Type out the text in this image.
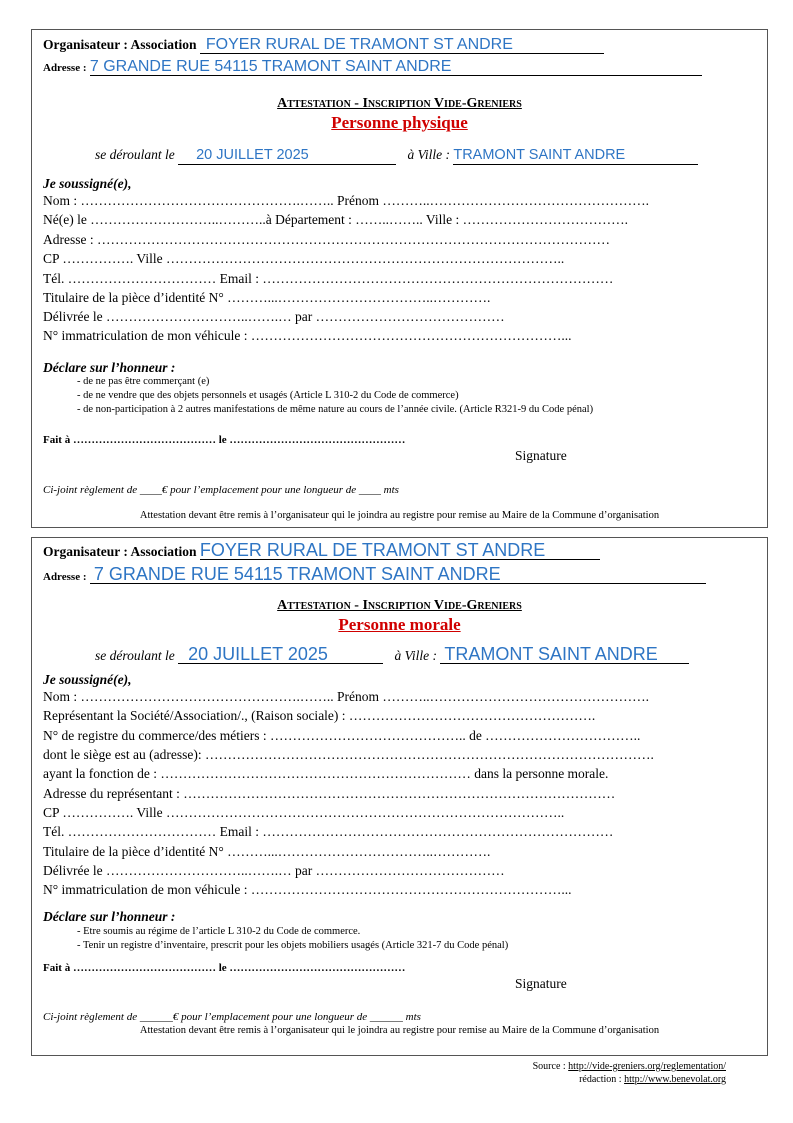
Organisateur : Association FOYER RURAL DE TRAMONT ST ANDRE
Adresse : 7 GRANDE RUE 54115 TRAMONT SAINT ANDRE
Attestation - Inscription Vide-Greniers
Personne physique
se déroulant le 20 JUILLET 2025	à Ville : TRAMONT SAINT ANDRE
Je soussigné(e),
Nom : ………………………………………….…….. Prénom ………..………………………………………….
Né(e) le ………………………..………..à Département : ……..…….. Ville : ……………………………….
Adresse : ……………………………………………………………………………………………………
CP ……………. Ville ……………………………………………………………………………..
Tél. …………………………… Email : ……………………………………………………………………
Titulaire de la pièce d’identité N° ………...……………………………..………….
Délivrée le …………………………..…….… par ……………………………………
N° immatriculation de mon véhicule : ……………………………………………………………...
Déclare sur l’honneur :
- de ne pas être commerçant (e)
- de ne vendre que des objets personnels et usagés (Article L 310-2 du Code de commerce)
- de non-participation à 2 autres manifestations de même nature au cours de l’année civile. (Article R321-9 du Code pénal)
Fait à ………………………………… le …………………………………………
Signature
Ci-joint règlement de ____€ pour l’emplacement pour une longueur de ____ mts
Attestation devant être remis à l’organisateur qui le joindra au registre pour remise au Maire de la Commune d’organisation
Organisateur : Association FOYER RURAL DE TRAMONT ST ANDRE
Adresse : 7 GRANDE RUE 54115 TRAMONT SAINT ANDRE
Attestation - Inscription Vide-Greniers
Personne morale
se déroulant le 20 JUILLET 2025	à Ville : TRAMONT SAINT ANDRE
Je soussigné(e),
Nom : ………………………………………….…….. Prénom ………..………………………………………….
Représentant la Société/Association/., (Raison sociale) : ……………………………………………….
N° de registre du commerce/des métiers : …………………………………….. de ……………………………..
dont le siège est au (adresse): ……………………………………………………………………………………….
ayant la fonction de : …………………………………………………………… dans la personne morale.
Adresse du représentant : ……………………………………………………………………………………
CP ……………. Ville ……………………………………………………………………………..
Tél. …………………………… Email : ……………………………………………………………………
Titulaire de la pièce d’identité N° ………...……………………………..………….
Délivrée le …………………………..…….… par ……………………………………
N° immatriculation de mon véhicule : ……………………………………………………………...
Déclare sur l’honneur :
- Etre soumis au régime de l’article L 310-2 du Code de commerce.
- Tenir un registre d’inventaire, prescrit pour les objets mobiliers usagés (Article 321-7 du Code pénal)
Fait à ………………………………… le …………………………………………
Signature
Ci-joint règlement de ______€ pour l’emplacement pour une longueur de ______ mts
Attestation devant être remis à l’organisateur qui le joindra au registre pour remise au Maire de la Commune d’organisation
Source : http://vide-greniers.org/reglementation/
rédaction : http://www.benevolat.org
